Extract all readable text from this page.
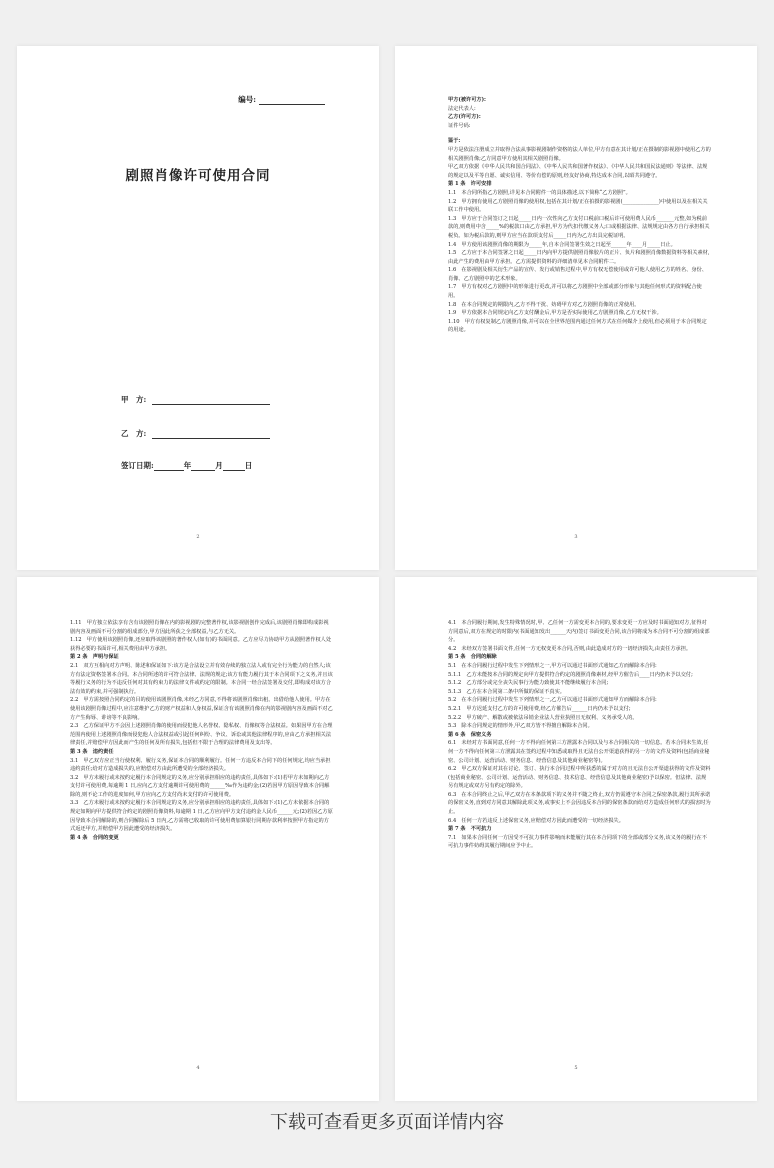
编号:
剧照肖像许可使用合同
甲　方:
乙　方:
签订日期:	年	月	日
2

甲方(被许可方):

法定代表人:

乙方(许可方):

证件号码:

鉴于:

甲方是依法注册成立并取得合法从事影视剧制作资格的法人单位,甲方有意在其计划/正在摄制的影视剧中使用乙方的相关剧照肖像;乙方同意甲方使用其相关剧照肖像。

甲乙双方依据《中华人民共和国合同法》、《中华人民共和国著作权法》、《中华人民共和国民法通则》等法律、法规的规定以及平等自愿、诚实信用、等价有偿的原则,经友好协商,特达成本合同,以昭共同遵守。

第 1 条　许可安排

1.1　本合同所指乙方剧照,详见本合同附件一的具体描述,以下简称“乙方剧照”。

1.2　甲方拥有使用乙方剧照肖像的使用权,包括在其计划/正在拍摄的影视剧(______________)中使用以及在相关关联工作中使用。

1.3　甲方应于合同签订之日起_____日内一次性向乙方支付口税前口税后许可使用费人民币_______元整,如为税前款的,则费用中含_____%的税款口由乙方承担,甲方为代扣代缴义务人;口或根据法律、法规规定由各方自行承担相关税负。如为税后款的,则甲方应当在款项支付后_____日内为乙方出具完税证明。

1.4　甲方使用该剧照肖像的期限为_____年,自本合同签署生效之日起至______年____月_____日止。

1.5　乙方应于本合同签署之日起_____日内向甲方提供剧照肖像胶片的正片、负片和剧照肖像数据资料等相关素材,由此产生的费用由甲方承担。乙方需提供资料的详细清单见本合同附件二。

1.6　在影视剧及相关衍生产品的宣传、发行或销售过程中,甲方有权无偿使用或许可他人使用乙方的姓名、身份、肖像、乙方剧照中的艺术形象。

1.7　甲方有权对乙方剧照中的形象进行更改,并可以将乙方剧照中全部或部分形象与其他任何形式的资料配合使用。

1.8　在本合同规定的期限内,乙方不得干扰、妨碍甲方对乙方剧照肖像的正常使用。

1.9　甲方依据本合同规定向乙方支付酬金后,甲方是否实际使用乙方剧照肖像,乙方无权干涉。

1.10　甲方有权复制乙方剧照肖像,并可以在全世界范围内通过任何方式在任何媒介上使用,但必须用于本合同规定的用途。

3

1.11　甲方独立依法享有含有该剧照肖像在内的影视剧的完整著作权,该影视剧创作完成后,该剧照肖像即构成影视剧内容及画面不可分割的组成部分,甲方因此所获之全部权益,与乙方无关。

1.12　甲方使用该剧照肖像,还应取得该剧照的著作权人(如有)的书面同意。乙方应尽力协助甲方从剧照著作权人处获得必要的书面许可,相关费用由甲方承担。

第 2 条　声明与保证

2.1　双方互相向对方声明、陈述和保证如下:该方是合法设立并有效存续的独立法人或有完全行为能力的自然人;该方有法定资格签署本合同。本合同所述的许可符合法律、法规的规定;该方有能力履行其于本合同项下之义务,并且该等履行义务的行为不违反任何对其有约束力的法律文件或约定的限制。本合同一经合法签署及交付,即构成对该方合法有效的约束,并可强制执行。

2.2　甲方需按照合同约定的目的使用该剧照肖像,未经乙方同意,不得将该剧照肖像出租、出借给他人使用。甲方在使用该剧照肖像过程中,应注意维护乙方的财产权益和人身权益,保证含有该剧照肖像在内的影视剧内容及画面不对乙方产生侮辱、诽谤等不良影响。

2.3　乙方保证甲方不会因上述剧照肖像的使用而侵犯他人名誉权、隐私权、肖像权等合法权益。如果因甲方在合理范围内使用上述剧照肖像而侵犯他人合法权益或引起任何纠纷、争议、诉讼或其他法律程序的,应由乙方承担相关法律责任,并赔偿甲方因此而产生的任何及所有损失,包括但不限于合理的法律费用及支出等。

第 3 条　违约责任

3.1　甲乙双方应正当行使权利、履行义务,保证本合同的顺利履行。任何一方违反本合同下的任何规定,均应当承担违约责任;给对方造成损失的,应赔偿对方由此所遭受的全部经济损失。

3.2　甲方未履行或未按约定履行本合同规定的义务,应分别承担相应的违约责任,具体如下:(1)若甲方未如期向乙方支付许可使用费,每逾期 1 日,应向乙方支付逾期许可使用费的______‰作为违约金;(2)若因甲方原因导致本合同解除的,则不论工作的进度如何,甲方应向乙方支付尚未支付的许可使用费。

3.3　乙方未履行或未按约定履行本合同规定的义务,应分别承担相应的违约责任,具体如下:(1)乙方未依据本合同的规定如期向甲方提供符合约定的剧照肖像资料,每逾期 1 日,乙方应向甲方支付违约金人民币______元;(2)若因乙方原因导致本合同解除的,则合同解除后 5 日内,乙方需将已收取的许可使用费加算银行同期存款利率按照甲方指定的方式返还甲方,并赔偿甲方因此遭受的经济损失。

第 4 条　合同的变更

4

4.1　本合同履行期间,发生特殊情况时,甲、乙任何一方需变更本合同的,要求变更一方应及时书面通知对方,征得对方同意后,双方在规定的时限内(书面通知发出______天内)签订书面变更合同,该合同将成为本合同不可分割的组成部分。

4.2　未经双方签署书面文件,任何一方无权变更本合同,否则,由此造成对方的一切经济损失,由责任方承担。

第 5 条　合同的解除

5.1　在本合同履行过程中发生下列情形之一,甲方可以通过书面形式通知乙方而解除本合同:

5.1.1　乙方未能按本合同的规定向甲方提供符合约定的剧照肖像素材,经甲方催告后____日内仍未予以交付;

5.1.2　乙方部分或完全丧失民事行为能力致使其不能继续履行本合同;

5.1.3　乙方在本合同第二条中所做的保证不真实。

5.2　在本合同履行过程中发生下列情形之一,乙方可以通过书面形式通知甲方而解除本合同:

5.2.1　甲方迟延支付乙方的许可使用费,经乙方催告后______日内仍未予以支付;

5.2.2　甲方破产、解散或被依法吊销企业法人营业执照且无权利、义务承受人的。

5.3　除本合同规定的情形外,甲乙双方皆不得擅自解除本合同。

第 6 条　保密义务

6.1　未经对方书面同意,任何一方不得向任何第三方泄露本合同以及与本合同相关的一切信息。若本合同未生效,任何一方不得向任何第三方泄露其在签约过程中知悉或取得且无法自公开渠道获得的另一方的文件及资料(包括商业秘密、公司计划、运营活动、财务信息、经营信息及其他商业秘密等)。

6.2　甲乙双方保证对其在讨论、签订、执行本合同过程中所获悉的属于对方的且无法自公开渠道获得的文件及资料(包括商业秘密、公司计划、运营活动、财务信息、技术信息、经营信息及其他商业秘密)予以保密。但法律、法规另有规定或双方另有约定的除外。

6.3　在本合同终止之后,甲乙双方在本条款项下的义务并不随之终止,双方仍需遵守本合同之保密条款,履行其所承诺的保密义务,直到对方同意其解除此项义务,或事实上不会因违反本合同的保密条款而给对方造成任何形式的损害时为止。

6.4　任何一方若违反上述保密义务,应赔偿对方因此而遭受的一切经济损失。

第 7 条　不可抗力

7.1　如果本合同任何一方因受不可抗力事件影响而未能履行其在本合同项下的全部或部分义务,该义务的履行在不可抗力事件妨碍其履行期间应予中止。

5
下载可查看更多页面详情内容
